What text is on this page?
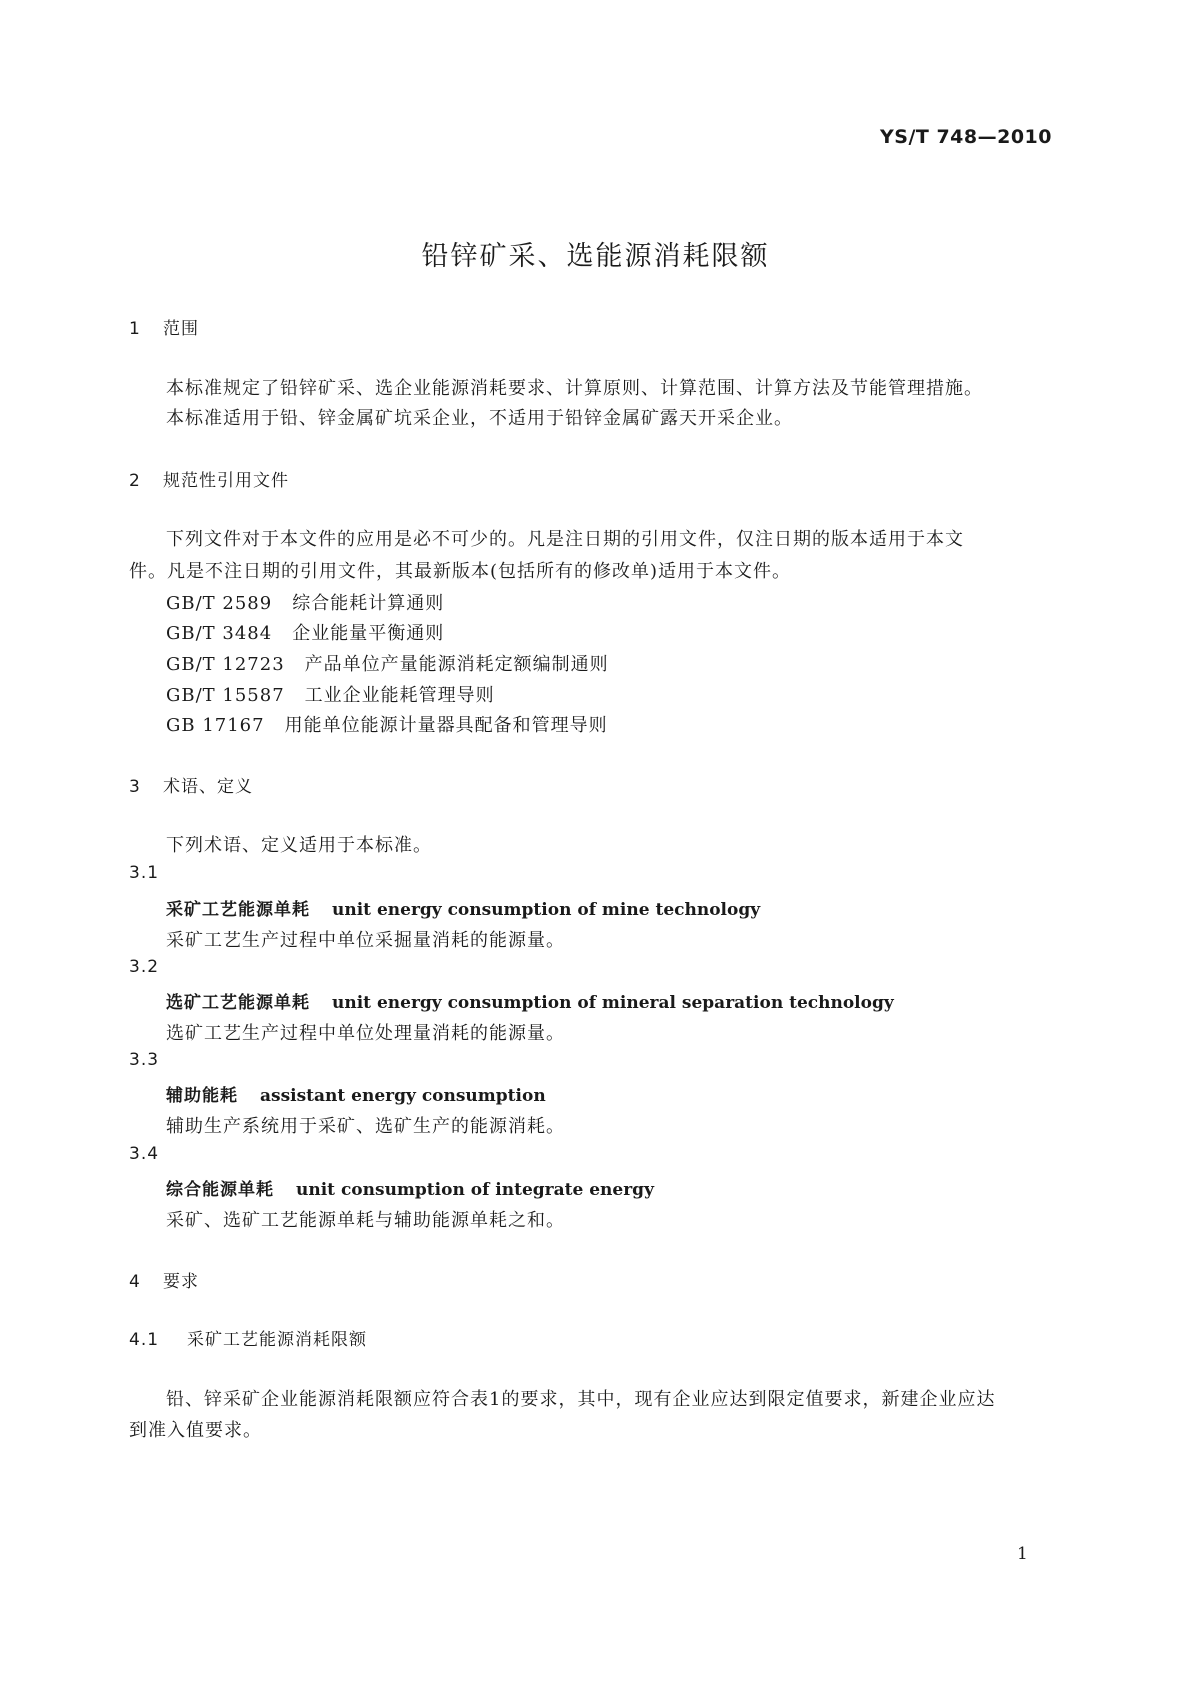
YS/T 748—2010
铅锌矿采、选能源消耗限额
1 范围
本标准规定了铅锌矿采、选企业能源消耗要求、计算原则、计算范围、计算方法及节能管理措施。
本标准适用于铅、锌金属矿坑采企业，不适用于铅锌金属矿露天开采企业。
2 规范性引用文件
下列文件对于本文件的应用是必不可少的。凡是注日期的引用文件，仅注日期的版本适用于本文
件。凡是不注日期的引用文件，其最新版本(包括所有的修改单)适用于本文件。
GB/T 2589 综合能耗计算通则
GB/T 3484 企业能量平衡通则
GB/T 12723 产品单位产量能源消耗定额编制通则
GB/T 15587 工业企业能耗管理导则
GB 17167 用能单位能源计量器具配备和管理导则
3 术语、定义
下列术语、定义适用于本标准。
3.1
采矿工艺能源单耗 unit energy consumption of mine technology
采矿工艺生产过程中单位采掘量消耗的能源量。
3.2
选矿工艺能源单耗 unit energy consumption of mineral separation technology
选矿工艺生产过程中单位处理量消耗的能源量。
3.3
辅助能耗 assistant energy consumption
辅助生产系统用于采矿、选矿生产的能源消耗。
3.4
综合能源单耗 unit consumption of integrate energy
采矿、选矿工艺能源单耗与辅助能源单耗之和。
4 要求
4.1 采矿工艺能源消耗限额
铅、锌采矿企业能源消耗限额应符合表1的要求，其中，现有企业应达到限定值要求，新建企业应达
到准入值要求。
1
